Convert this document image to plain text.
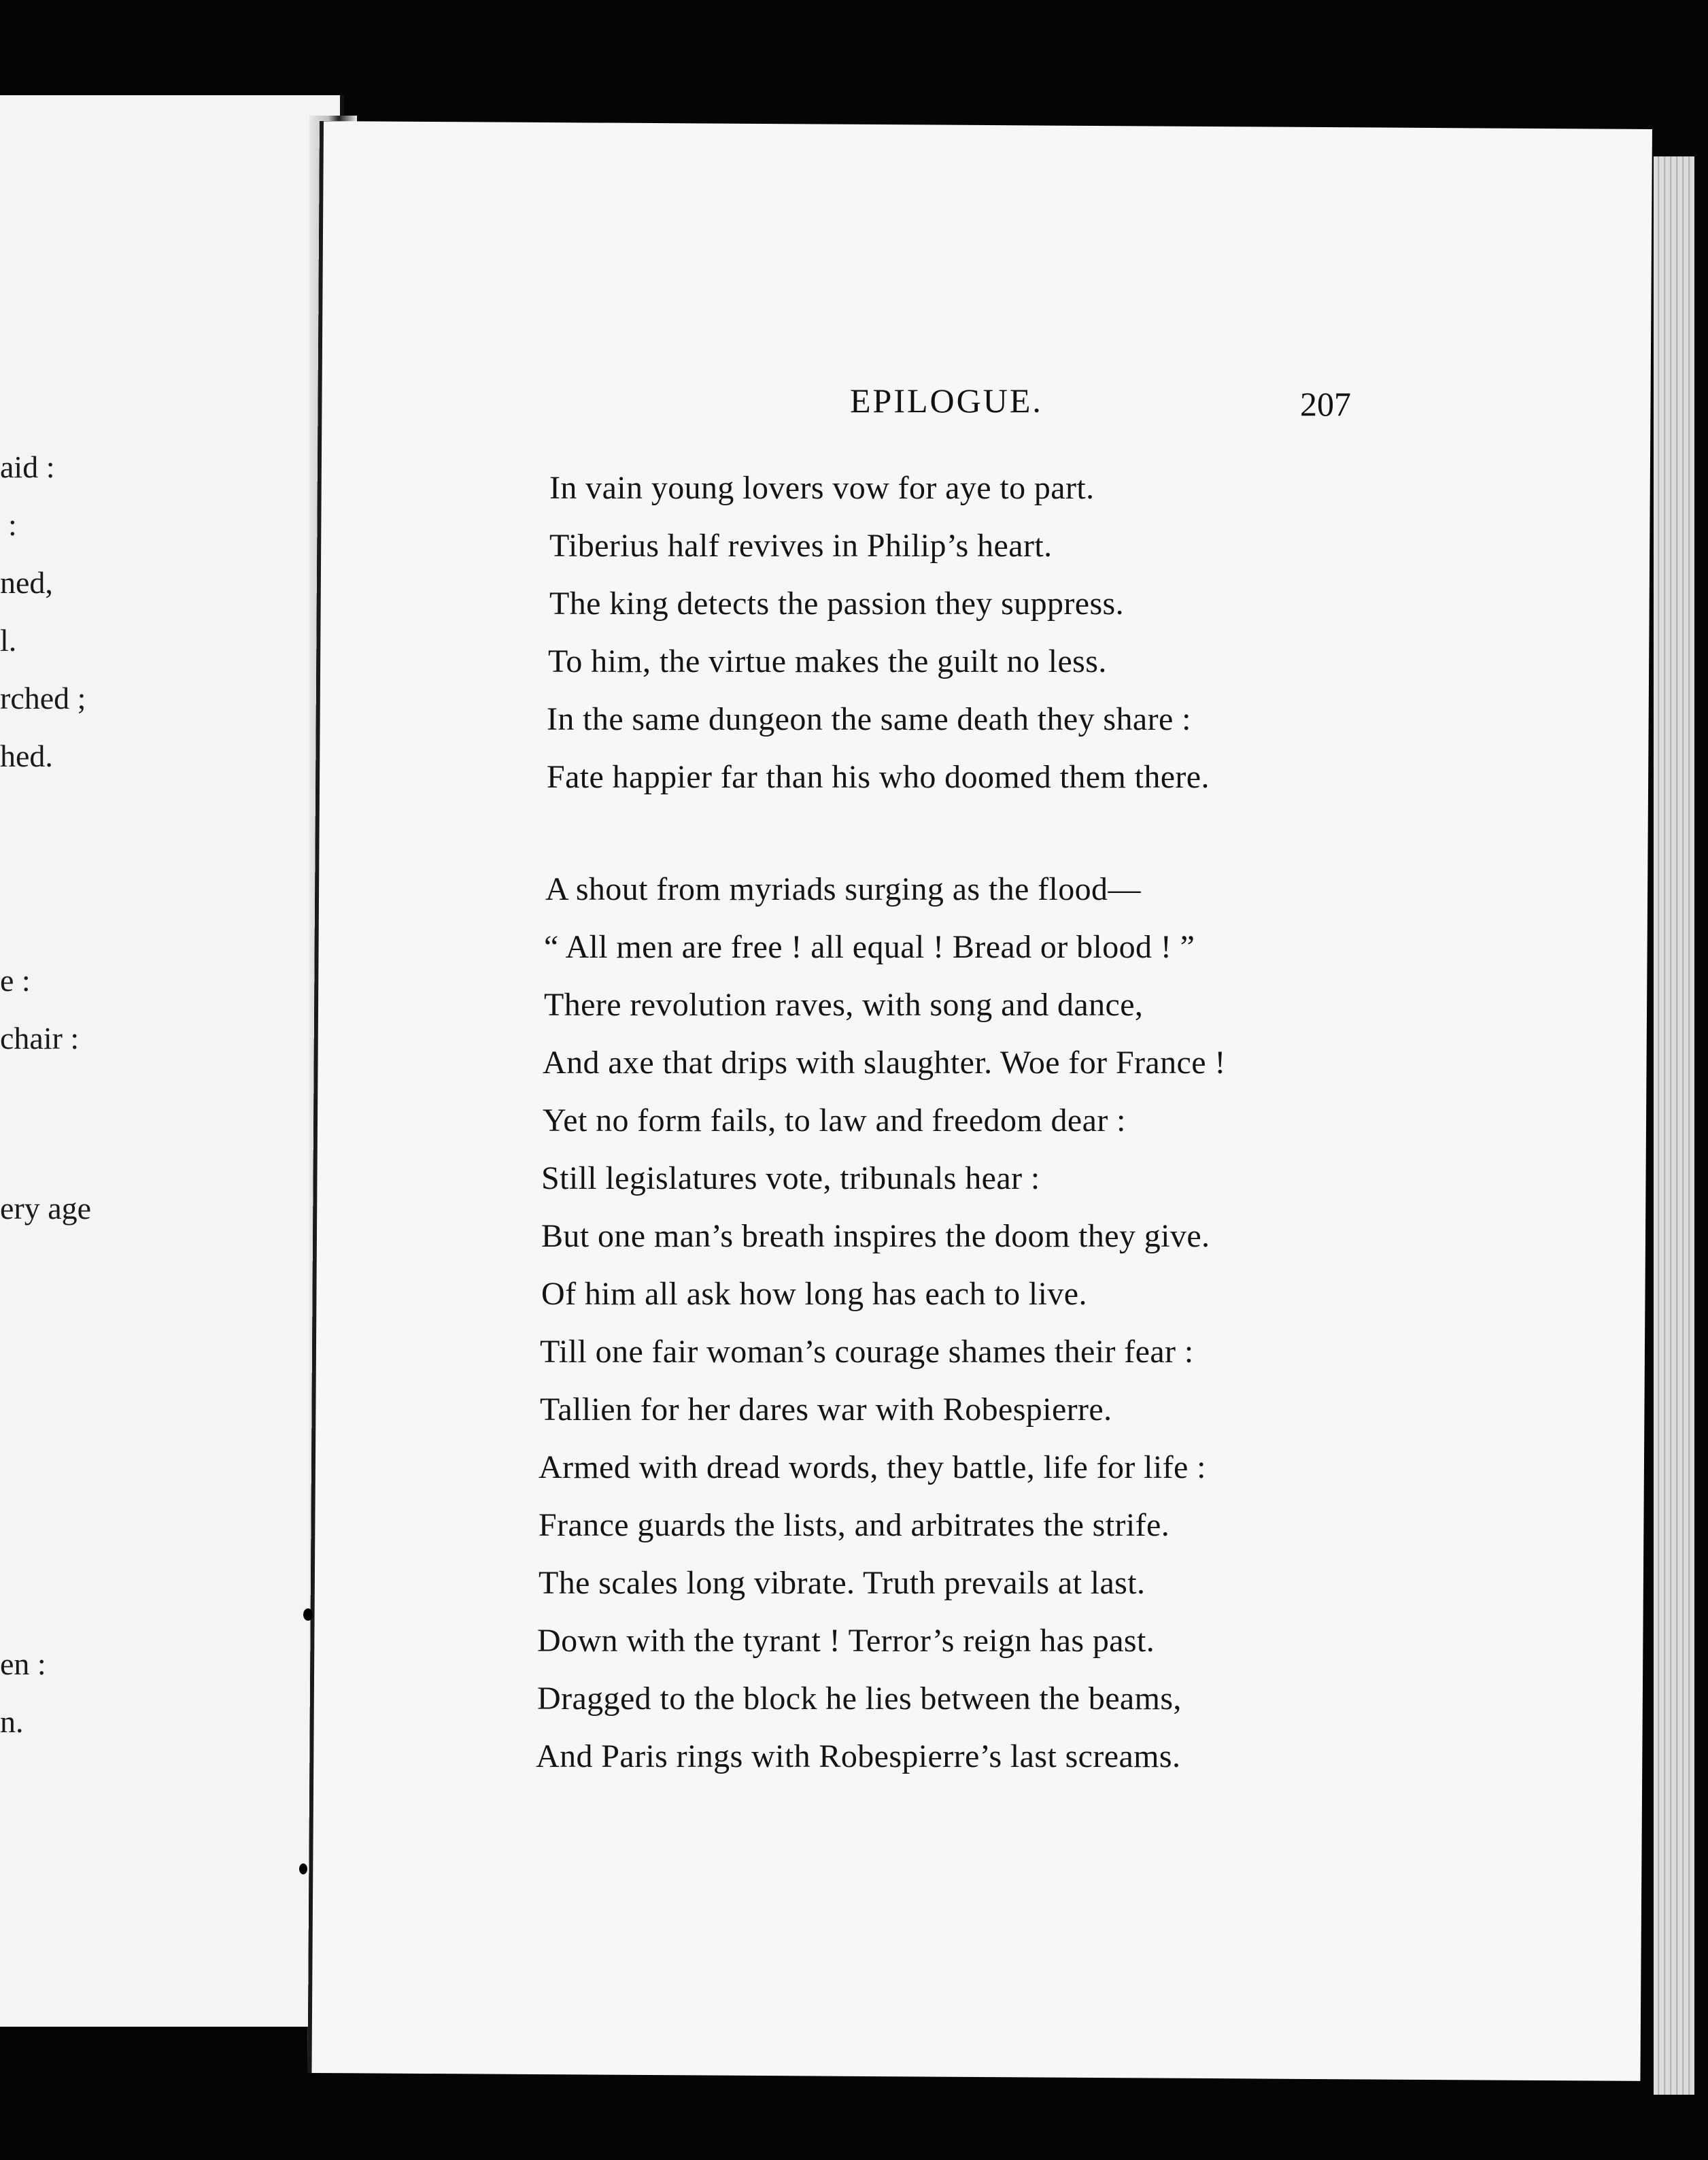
aid :
:
ned,
l.
rched ;
hed.
e :
chair :
ery age
en :
n.
EPILOGUE.	207
In vain young lovers vow for aye to part.
Tiberius half revives in Philip’s heart.
The king detects the passion they suppress.
To him, the virtue makes the guilt no less.
In the same dungeon the same death they share :
Fate happier far than his who doomed them there.
A shout from myriads surging as the flood—
“ All men are free ! all equal ! Bread or blood ! ”
There revolution raves, with song and dance,
And axe that drips with slaughter. Woe for France !
Yet no form fails, to law and freedom dear :
Still legislatures vote, tribunals hear :
But one man’s breath inspires the doom they give.
Of him all ask how long has each to live.
Till one fair woman’s courage shames their fear :
Tallien for her dares war with Robespierre.
Armed with dread words, they battle, life for life :
France guards the lists, and arbitrates the strife.
The scales long vibrate. Truth prevails at last.
Down with the tyrant ! Terror’s reign has past.
Dragged to the block he lies between the beams,
And Paris rings with Robespierre’s last screams.
